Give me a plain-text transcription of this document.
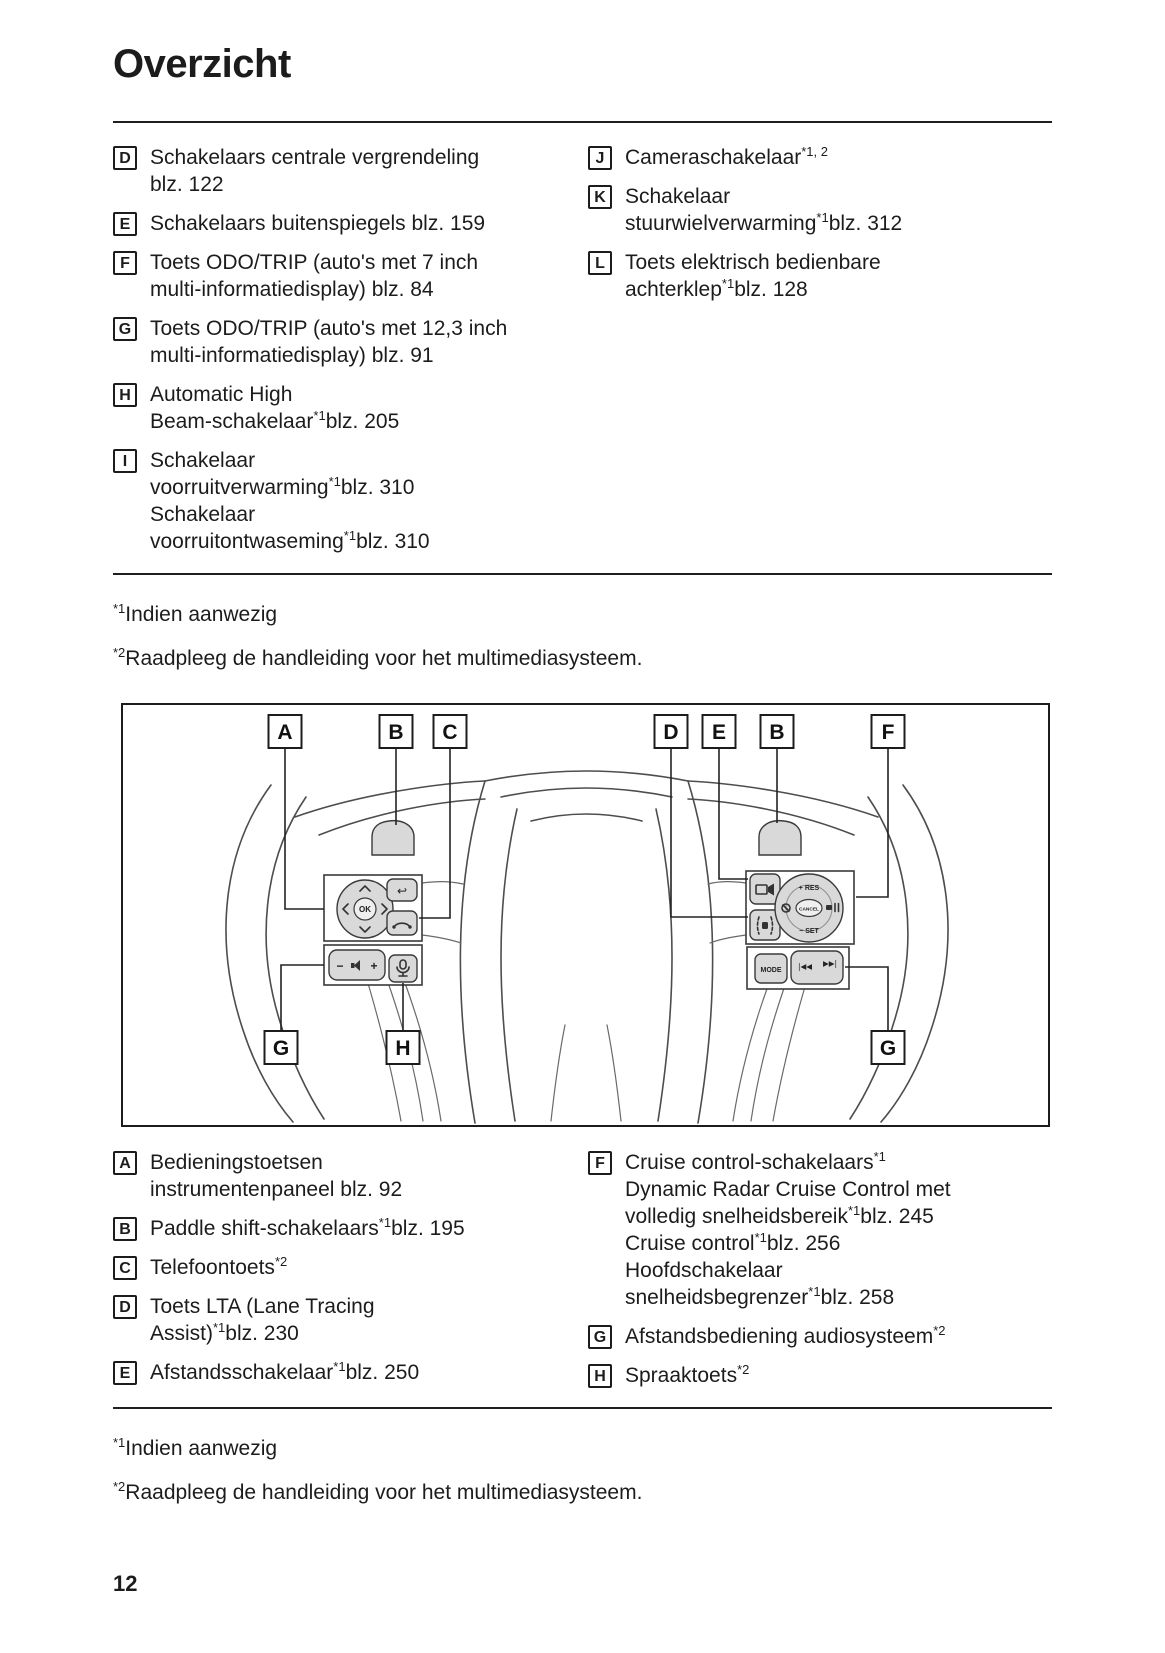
Overzicht
D Schakelaars centrale vergrendeling
blz. 122
E Schakelaars buitenspiegels blz. 159
F Toets ODO/TRIP (auto's met 7 inch
multi-informatiedisplay) blz. 84
G Toets ODO/TRIP (auto's met 12,3 inch
multi-informatiedisplay) blz. 91
H Automatic High
Beam-schakelaar$^{*1}$blz. 205
I	Schakelaar
voorruitverwarming$^{*1}$blz. 310
Schakelaar
voorruitontwaseming$^{*1}$blz. 310
J Cameraschakelaar$^{*1, 2}$
K Schakelaar
stuurwielverwarming$^{*1}$blz. 312
L Toets elektrisch bedienbare
achterklep$^{*1}$blz. 128

$^{*1}$Indien aanwezig

$^{*2}$Raadpleeg de handleiding voor het multimediasysteem.

OK
↩
− +
+ RES
CANCEL
− SET
MODE |◀◀ ▶▶|
A	B C	D E B	F
G	H	G
A Bedieningstoetsen
instrumentenpaneel blz. 92
B Paddle shift-schakelaars$^{*1}$blz. 195
C Telefoontoets$^{*2}$
D Toets LTA (Lane Tracing
Assist)$^{*1}$blz. 230
E Afstandsschakelaar$^{*1}$blz. 250
F Cruise control-schakelaars$^{*1}$
Dynamic Radar Cruise Control met
volledig snelheidsbereik$^{*1}$blz. 245
Cruise control$^{*1}$blz. 256
Hoofdschakelaar
snelheidsbegrenzer$^{*1}$blz. 258
G Afstandsbediening audiosysteem$^{*2}$
H Spraaktoets$^{*2}$

$^{*1}$Indien aanwezig

$^{*2}$Raadpleeg de handleiding voor het multimediasysteem.

12
